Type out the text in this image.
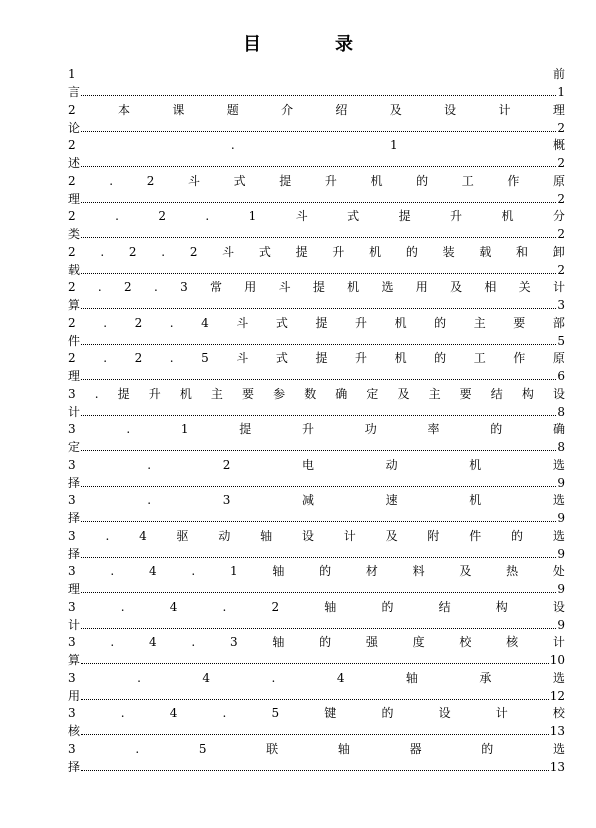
目　录
1	前
言	1
2	本	课	题	介	绍	及	设	计	理
论	2
2	.	1	概
述	2
2	.	2	斗	式	提	升	机	的	工	作	原
理	2
2	.	2	.	1	斗	式	提	升	机	分
类	2
2 . 2 . 2 斗 式 提 升 机 的 装 载 和 卸
载	2
2 . 2 . 3 常 用 斗 提 机 选 用 及 相 关 计
算	3
2 . 2 . 4 斗 式 提 升 机 的 主 要 部
件	5
2 . 2 . 5 斗 式 提 升 机 的 工 作 原
理	6
3 . 提 升 机 主 要 参 数 确 定 及 主 要 结 构 设
计	8
3	.	1	提	升	功	率	的	确
定	8
3	.	2	电	动	机	选
择	9
3	.	3	减	速	机	选
择	9
3 . 4 驱 动 轴 设 计 及 附 件 的 选
择	9
3	.	4	.	1	轴	的	材	料	及	热	处
理	9
3	.	4	.	2	轴	的	结	构	设
计	9
3	.	4	.	3	轴	的	强	度	校	核	计
算	10
3	.	4	.	4	轴	承	选
用	12
3	.	4	.	5	键	的	设	计	校
核	13
3	.	5	联	轴	器	的	选
择	13
